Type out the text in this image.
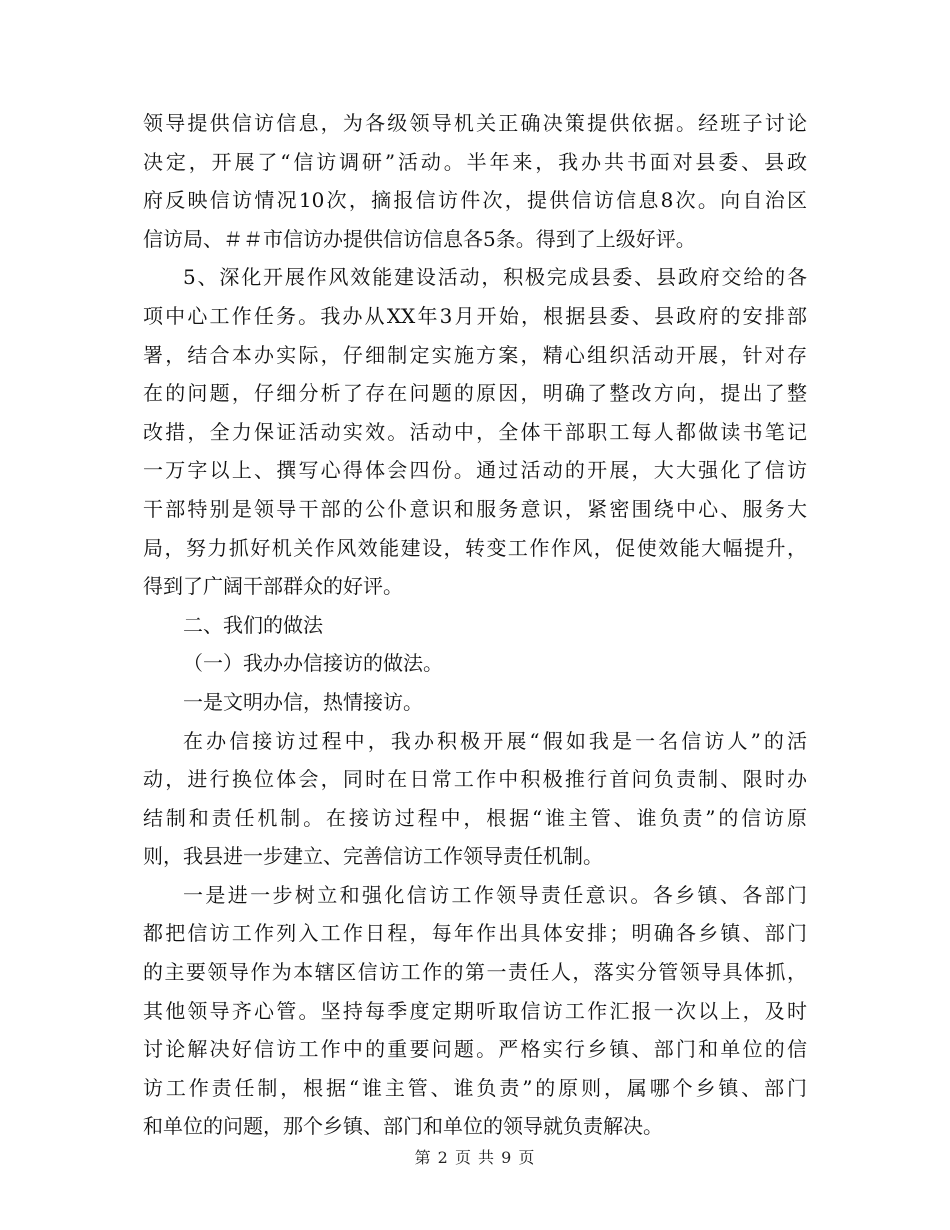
领导提供信访信息，为各级领导机关正确决策提供依据。经班子讨论
决定，开展了“信访调研”活动。半年来，我办共书面对县委、县政
府反映信访情况10次，摘报信访件次，提供信访信息8次。向自治区
信访局、＃＃市信访办提供信访信息各5条。得到了上级好评。
5、深化开展作风效能建设活动，积极完成县委、县政府交给的各
项中心工作任务。我办从XX年3月开始，根据县委、县政府的安排部
署，结合本办实际，仔细制定实施方案，精心组织活动开展，针对存
在的问题，仔细分析了存在问题的原因，明确了整改方向，提出了整
改措，全力保证活动实效。活动中，全体干部职工每人都做读书笔记
一万字以上、撰写心得体会四份。通过活动的开展，大大强化了信访
干部特别是领导干部的公仆意识和服务意识，紧密围绕中心、服务大
局，努力抓好机关作风效能建设，转变工作作风，促使效能大幅提升，
得到了广阔干部群众的好评。
二、我们的做法
（一）我办办信接访的做法。
一是文明办信，热情接访。
在办信接访过程中，我办积极开展“假如我是一名信访人”的活
动，进行换位体会，同时在日常工作中积极推行首问负责制、限时办
结制和责任机制。在接访过程中，根据“谁主管、谁负责”的信访原
则，我县进一步建立、完善信访工作领导责任机制。
一是进一步树立和强化信访工作领导责任意识。各乡镇、各部门
都把信访工作列入工作日程，每年作出具体安排；明确各乡镇、部门
的主要领导作为本辖区信访工作的第一责任人，落实分管领导具体抓，
其他领导齐心管。坚持每季度定期听取信访工作汇报一次以上，及时
讨论解决好信访工作中的重要问题。严格实行乡镇、部门和单位的信
访工作责任制，根据“谁主管、谁负责”的原则，属哪个乡镇、部门
和单位的问题，那个乡镇、部门和单位的领导就负责解决。
第 2 页 共 9 页
